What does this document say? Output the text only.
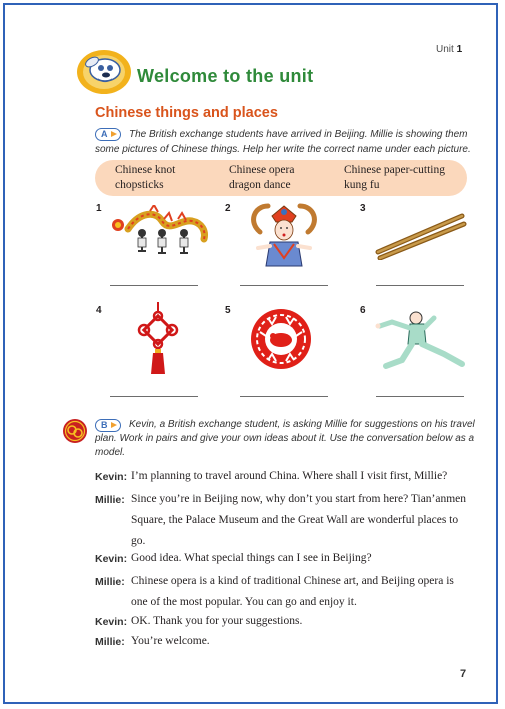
Unit 1
Welcome to the unit
Chinese things and places
A	The British exchange students have arrived in Beijing. Millie is showing them some pictures of Chinese things. Help her write the correct name under each picture.
Chinese knot
chopsticks
Chinese opera
dragon dance
Chinese paper-cutting
kung fu
1	2	3
4	5	6
B	Kevin, a British exchange student, is asking Millie for suggestions on his travel plan. Work in pairs and give your own ideas about it. Use the conversation below as a model.
Kevin: I’m planning to travel around China. Where shall I visit first, Millie?
Millie: Since you’re in Beijing now, why don’t you start from here? Tian’anmen Square, the Palace Museum and the Great Wall are wonderful places to go.
Kevin: Good idea. What special things can I see in Beijing?
Millie: Chinese opera is a kind of traditional Chinese art, and Beijing opera is one of the most popular. You can go and enjoy it.
Kevin: OK. Thank you for your suggestions.
Millie: You’re welcome.
7
